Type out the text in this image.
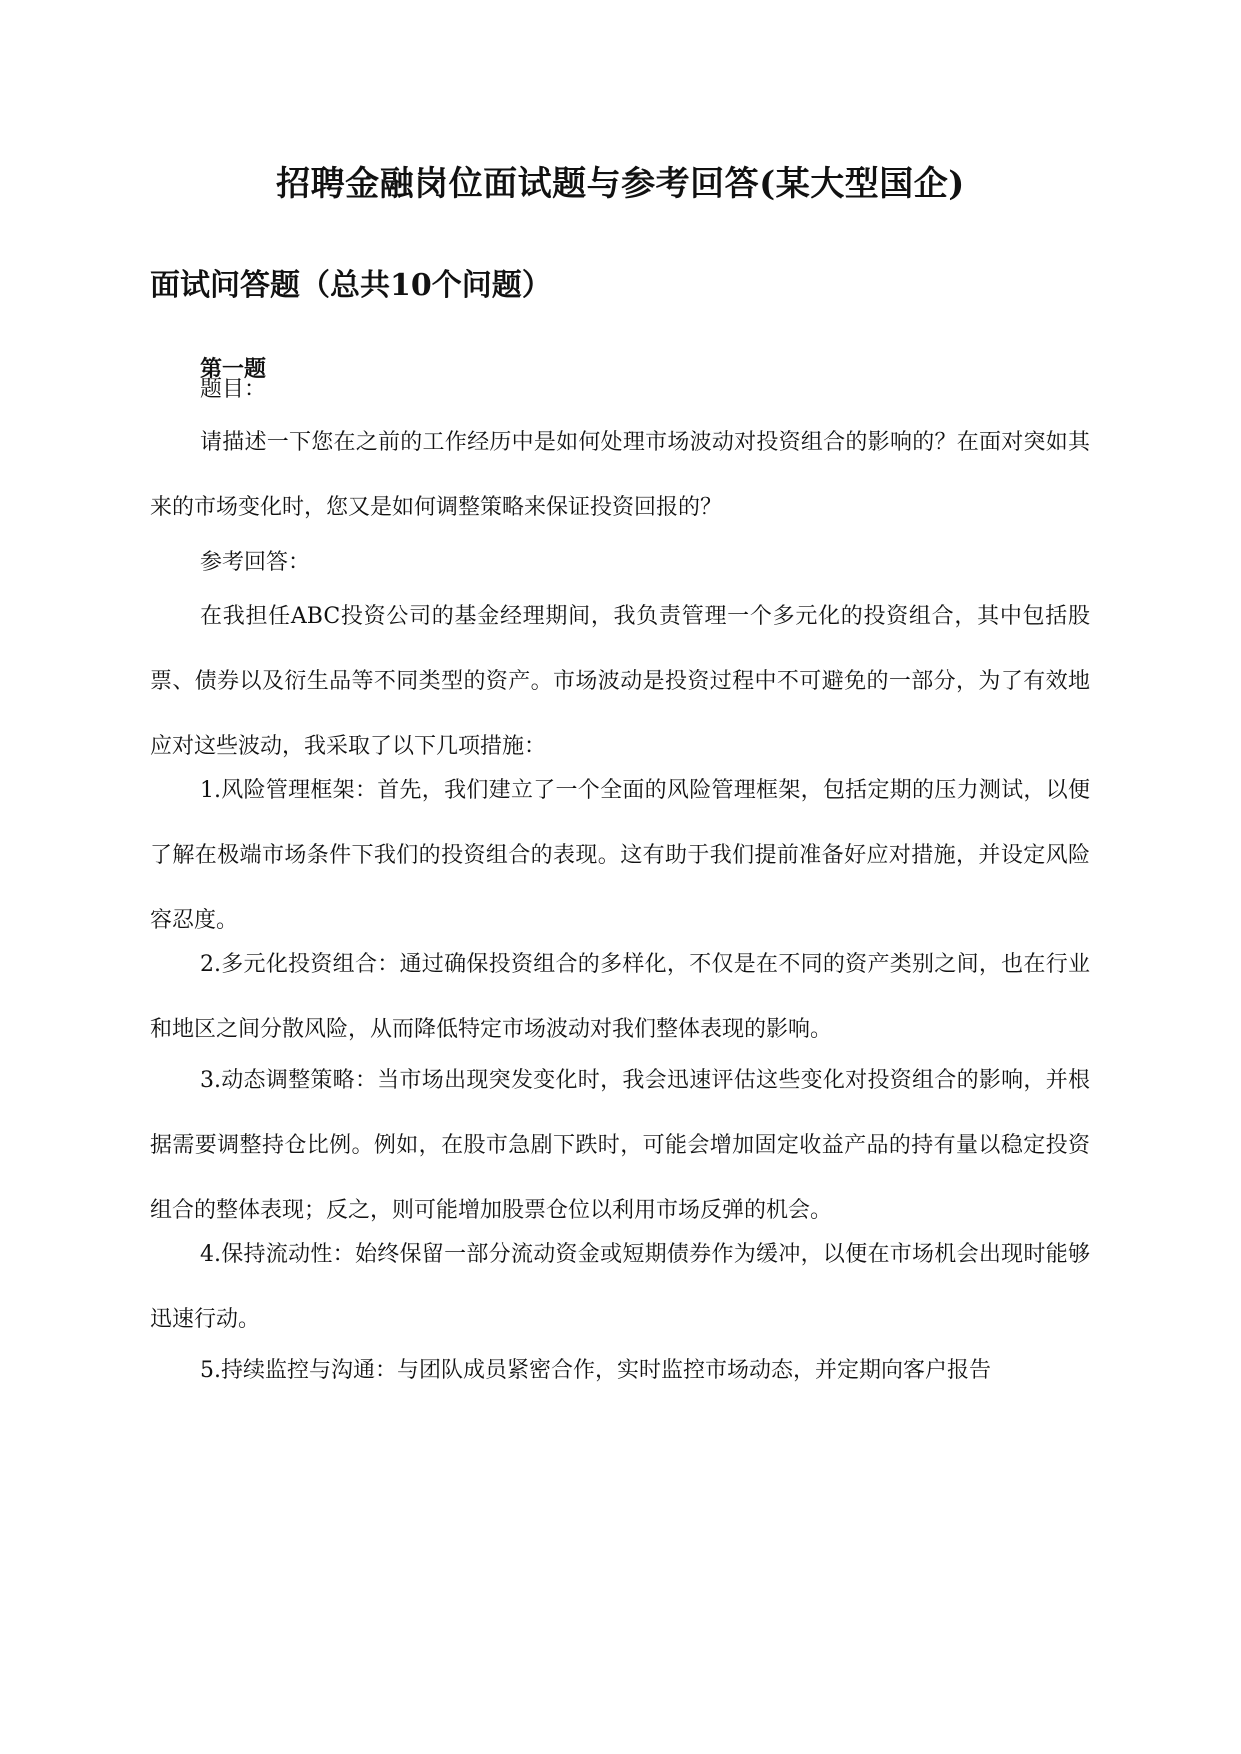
招聘金融岗位面试题与参考回答(某大型国企)
面试问答题（总共10个问题）
第一题
题目：
请描述一下您在之前的工作经历中是如何处理市场波动对投资组合的影响的？在面对突如其来的市场变化时，您又是如何调整策略来保证投资回报的？
参考回答：
在我担任ABC投资公司的基金经理期间，我负责管理一个多元化的投资组合，其中包括股票、债券以及衍生品等不同类型的资产。市场波动是投资过程中不可避免的一部分，为了有效地应对这些波动，我采取了以下几项措施：
1.风险管理框架：首先，我们建立了一个全面的风险管理框架，包括定期的压力测试，以便了解在极端市场条件下我们的投资组合的表现。这有助于我们提前准备好应对措施，并设定风险容忍度。
2.多元化投资组合：通过确保投资组合的多样化，不仅是在不同的资产类别之间，也在行业和地区之间分散风险，从而降低特定市场波动对我们整体表现的影响。
3.动态调整策略：当市场出现突发变化时，我会迅速评估这些变化对投资组合的影响，并根据需要调整持仓比例。例如，在股市急剧下跌时，可能会增加固定收益产品的持有量以稳定投资组合的整体表现；反之，则可能增加股票仓位以利用市场反弹的机会。
4.保持流动性：始终保留一部分流动资金或短期债券作为缓冲，以便在市场机会出现时能够迅速行动。
5.持续监控与沟通：与团队成员紧密合作，实时监控市场动态，并定期向客户报告
